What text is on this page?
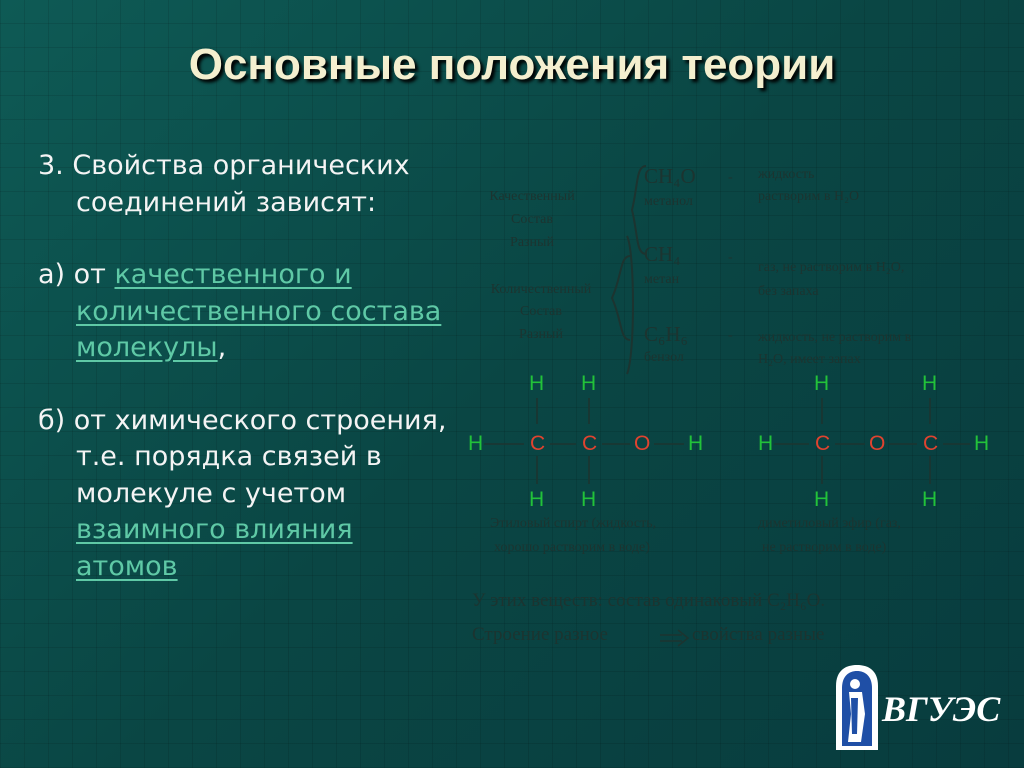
Основные положения теории

3. Свойства органических
соединений зависят:

а) от качественного и количественного состава молекулы,

б) от химического строения, т.е. порядка связей в молекуле с учетом взаимного влияния атомов

Качественный
Состав
Разный
Количественный
Состав
Разный
CH₄O
метанол
- жидкость
растворим в H₂O
CH₄
метан
-
газ, не растворим в H₂O,
без запаха
C₆H₆
бензол
- жидкость, не растворим в
H₂O, имеет запах
H H
H C C O H
H H
Этиловый спирт (жидкость,
хорошо растворим в воде)
H	H
H C O C H
H	H
диметиловый эфир (газ,
не растворим в воде)
У этих веществ: состав одинаковый C₂H₆O.
Строение разное	свойства разные
ВГУЭС
